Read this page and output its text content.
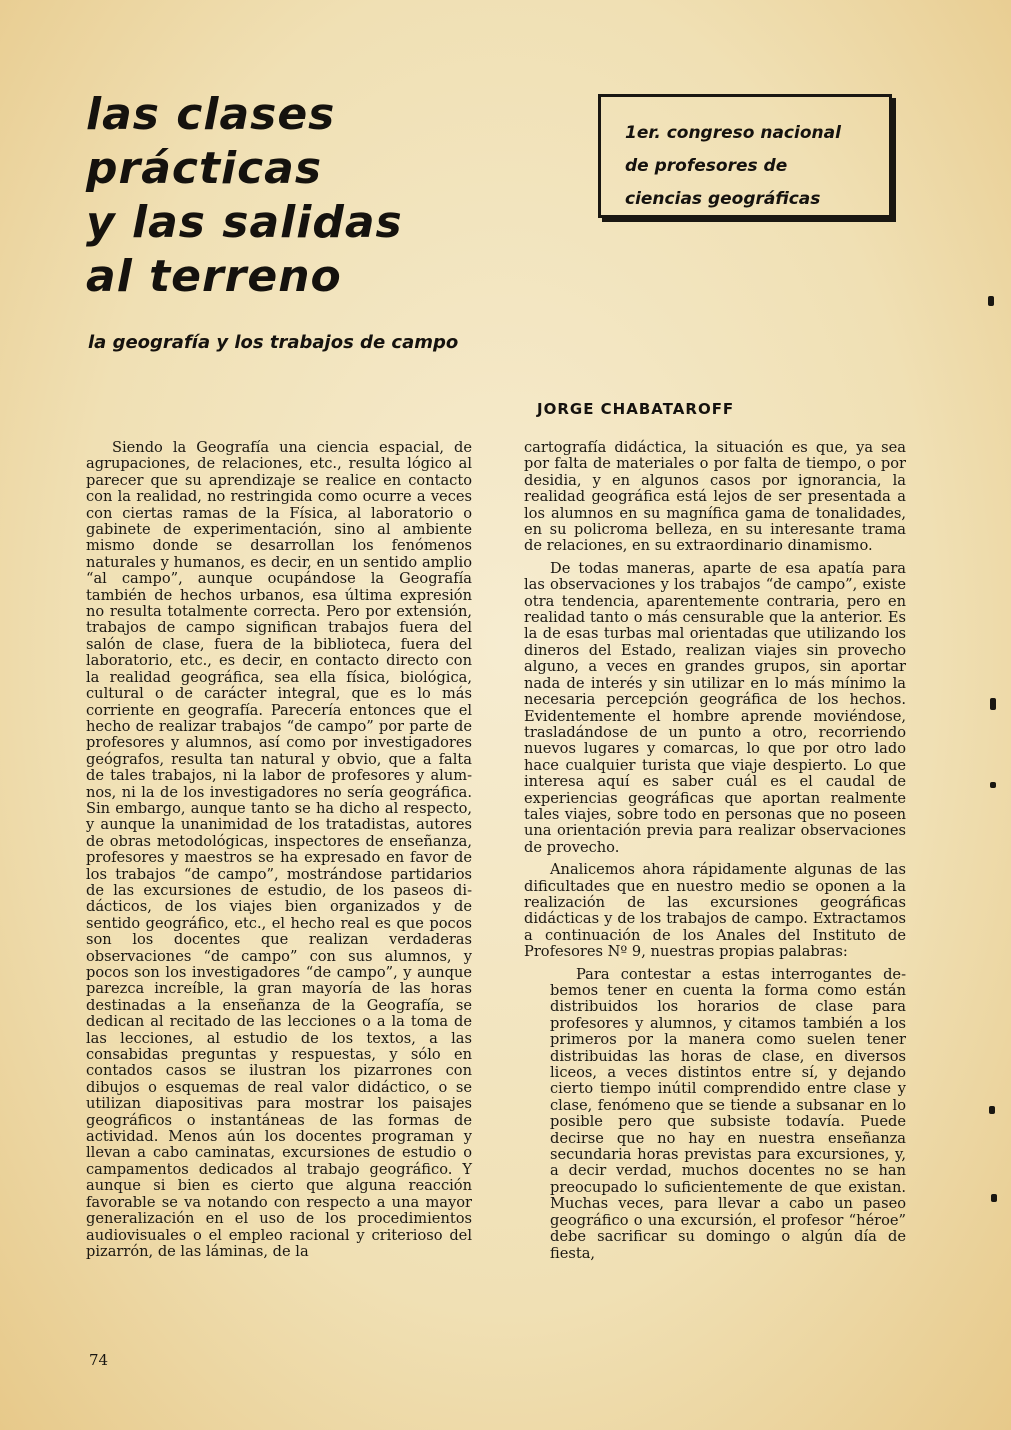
las clases
prácticas
y las salidas
al terreno
1er. congreso nacional
de profesores de
ciencias geográficas
la geografía y los trabajos de campo
JORGE CHABATAROFF

Siendo la Geografía una ciencia espacial, de agrupaciones, de relaciones, etc., resulta lógico al parecer que su aprendizaje se realice en contacto con la realidad, no restringida como ocurre a veces con ciertas ramas de la Física, al laboratorio o gabinete de experimentación, sino al ambiente mismo donde se desarrollan los fenómenos naturales y humanos, es decir, en un sentido amplio “al campo”, aunque ocupándose la Geografía también de hechos urbanos, esa última expresión no resulta totalmente correcta. Pero por extensión, trabajos de campo significan trabajos fuera del salón de clase, fuera de la biblioteca, fuera del laboratorio, etc., es decir, en contacto directo con la realidad geográfica, sea ella física, biológica, cultural o de carácter integral, que es lo más corriente en geografía. Parecería entonces que el hecho de realizar trabajos “de campo” por parte de profesores y alumnos, así como por investigadores geógrafos, resulta tan natural y obvio, que a falta de tales trabajos, ni la labor de profesores y alumnos, ni la de los investigadores no sería geográfica. Sin embargo, aunque tanto se ha dicho al respecto, y aunque la unanimidad de los tratadistas, autores de obras metodológicas, inspectores de enseñanza, profesores y maestros se ha expresado en favor de los trabajos “de campo”, mostrándose partidarios de las excursiones de estudio, de los paseos didácticos, de los viajes bien organizados y de sentido geográfico, etc., el hecho real es que pocos son los docentes que realizan verdaderas observaciones “de campo” con sus alumnos, y pocos son los investigadores “de campo”, y aunque parezca increíble, la gran mayoría de las horas destinadas a la enseñanza de la Geografía, se dedican al recitado de las lecciones o a la toma de las lecciones, al estudio de los textos, a las consabidas preguntas y respuestas, y sólo en contados casos se ilustran los pizarrones con dibujos o esquemas de real valor didáctico, o se utilizan diapositivas para mostrar los paisajes geográficos o instantáneas de las formas de actividad. Menos aún los docentes programan y llevan a cabo caminatas, excursiones de estudio o campamentos dedicados al trabajo geográfico. Y aunque si bien es cierto que alguna reacción favorable se va notando con respecto a una mayor generalización en el uso de los procedimientos audiovisuales o el empleo racional y criterioso del pizarrón, de las láminas, de la

cartografía didáctica, la situación es que, ya sea por falta de materiales o por falta de tiempo, o por desidia, y en algunos casos por ignorancia, la realidad geográfica está lejos de ser presentada a los alumnos en su magnífica gama de tonalidades, en su policroma belleza, en su interesante trama de relaciones, en su extraordinario dinamismo.

De todas maneras, aparte de esa apatía para las observaciones y los trabajos “de campo”, existe otra tendencia, aparentemente contraria, pero en realidad tanto o más censurable que la anterior. Es la de esas turbas mal orientadas que utilizando los dineros del Estado, realizan viajes sin provecho alguno, a veces en grandes grupos, sin aportar nada de interés y sin utilizar en lo más mínimo la necesaria percepción geográfica de los hechos. Evidentemente el hombre aprende moviéndose, trasladándose de un punto a otro, recorriendo nuevos lugares y comarcas, lo que por otro lado hace cualquier turista que viaje despierto. Lo que interesa aquí es saber cuál es el caudal de experiencias geográficas que aportan realmente tales viajes, sobre todo en personas que no poseen una orientación previa para realizar observaciones de provecho.

Analicemos ahora rápidamente algunas de las dificultades que en nuestro medio se oponen a la realización de las excursiones geográficas didácticas y de los trabajos de campo. Extractamos a continuación de los Anales del Instituto de Profesores Nº 9, nuestras propias palabras:

Para contestar a estas interrogantes debemos tener en cuenta la forma como están distribuidos los horarios de clase para profesores y alumnos, y citamos también a los primeros por la manera como suelen tener distribuidas las horas de clase, en diversos liceos, a veces distintos entre sí, y dejando cierto tiempo inútil comprendido entre clase y clase, fenómeno que se tiende a subsanar en lo posible pero que subsiste todavía. Puede decirse que no hay en nuestra enseñanza secundaria horas previstas para excursiones, y, a decir verdad, muchos docentes no se han preocupado lo suficientemente de que existan. Muchas veces, para llevar a cabo un paseo geográfico o una excursión, el profesor “héroe” debe sacrificar su domingo o algún día de fiesta,

74
